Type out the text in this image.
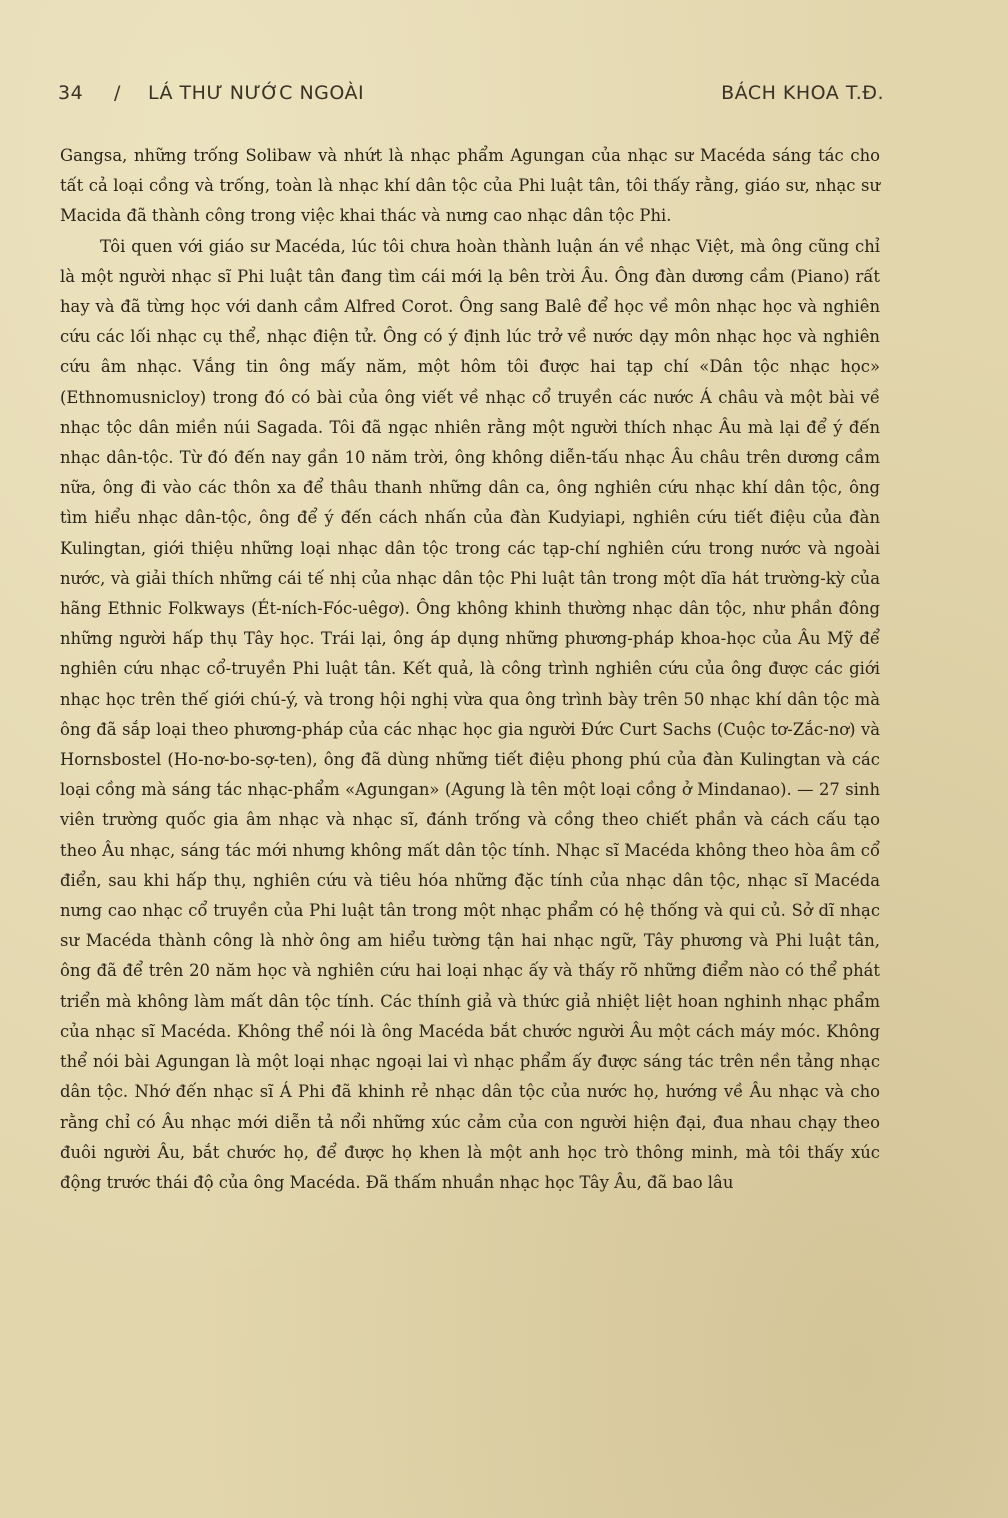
34 / LÁ THƯ NƯỚC NGOÀI	BÁCH KHOA T.Đ.

Gangsa, những trống Solibaw và nhứt là nhạc phẩm Agungan của nhạc sư Macéda sáng tác cho tất cả loại cồng và trống, toàn là nhạc khí dân tộc của Phi luật tân, tôi thấy rằng, giáo sư, nhạc sư Macida đã thành công trong việc khai thác và nưng cao nhạc dân tộc Phi.

Tôi quen với giáo sư Macéda, lúc tôi chưa hoàn thành luận án về nhạc Việt, mà ông cũng chỉ là một người nhạc sĩ Phi luật tân đang tìm cái mới lạ bên trời Âu. Ông đàn dương cầm (Piano) rất hay và đã từng học với danh cầm Alfred Corot. Ông sang Balê để học về môn nhạc học và nghiên cứu các lối nhạc cụ thể, nhạc điện tử. Ông có ý định lúc trở về nước dạy môn nhạc học và nghiên cứu âm nhạc. Vắng tin ông mấy năm, một hôm tôi được hai tạp chí «Dân tộc nhạc học» (Ethnomusnicloy) trong đó có bài của ông viết về nhạc cổ truyền các nước Á châu và một bài về nhạc tộc dân miền núi Sagada. Tôi đã ngạc nhiên rằng một người thích nhạc Âu mà lại để ý đến nhạc dân-tộc. Từ đó đến nay gần 10 năm trời, ông không diễn-tấu nhạc Âu châu trên dương cầm nữa, ông đi vào các thôn xa để thâu thanh những dân ca, ông nghiên cứu nhạc khí dân tộc, ông tìm hiểu nhạc dân-tộc, ông để ý đến cách nhấn của đàn Kudyiapi, nghiên cứu tiết điệu của đàn Kulingtan, giới thiệu những loại nhạc dân tộc trong các tạp-chí nghiên cứu trong nước và ngoài nước, và giải thích những cái tế nhị của nhạc dân tộc Phi luật tân trong một dĩa hát trường-kỳ của hãng Ethnic Folkways (Ét-ních-Fóc-uêgơ). Ông không khinh thường nhạc dân tộc, như phần đông những người hấp thụ Tây học. Trái lại, ông áp dụng những phương-pháp khoa-học của Âu Mỹ để nghiên cứu nhạc cổ-truyền Phi luật tân. Kết quả, là công trình nghiên cứu của ông được các giới nhạc học trên thế giới chú-ý, và trong hội nghị vừa qua ông trình bày trên 50 nhạc khí dân tộc mà ông đã sắp loại theo phương-pháp của các nhạc học gia người Đức Curt Sachs (Cuộc tơ-Zắc-nơ) và Hornsbostel (Ho-nơ-bo-sợ-ten), ông đã dùng những tiết điệu phong phú của đàn Kulingtan và các loại cồng mà sáng tác nhạc-phẩm «Agungan» (Agung là tên một loại cồng ở Mindanao). — 27 sinh viên trường quốc gia âm nhạc và nhạc sĩ, đánh trống và cồng theo chiết phần và cách cấu tạo theo Âu nhạc, sáng tác mới nhưng không mất dân tộc tính. Nhạc sĩ Macéda không theo hòa âm cổ điển, sau khi hấp thụ, nghiên cứu và tiêu hóa những đặc tính của nhạc dân tộc, nhạc sĩ Macéda nưng cao nhạc cổ truyền của Phi luật tân trong một nhạc phẩm có hệ thống và qui củ. Sở dĩ nhạc sư Macéda thành công là nhờ ông am hiểu tường tận hai nhạc ngữ, Tây phương và Phi luật tân, ông đã để trên 20 năm học và nghiên cứu hai loại nhạc ấy và thấy rõ những điểm nào có thể phát triển mà không làm mất dân tộc tính. Các thính giả và thức giả nhiệt liệt hoan nghinh nhạc phẩm của nhạc sĩ Macéda. Không thể nói là ông Macéda bắt chước người Âu một cách máy móc. Không thể nói bài Agungan là một loại nhạc ngoại lai vì nhạc phẩm ấy được sáng tác trên nền tảng nhạc dân tộc. Nhớ đến nhạc sĩ Á Phi đã khinh rẻ nhạc dân tộc của nước họ, hướng về Âu nhạc và cho rằng chỉ có Âu nhạc mới diễn tả nổi những xúc cảm của con người hiện đại, đua nhau chạy theo đuôi người Âu, bắt chước họ, để được họ khen là một anh học trò thông minh, mà tôi thấy xúc động trước thái độ của ông Macéda. Đã thấm nhuần nhạc học Tây Âu, đã bao lâu
